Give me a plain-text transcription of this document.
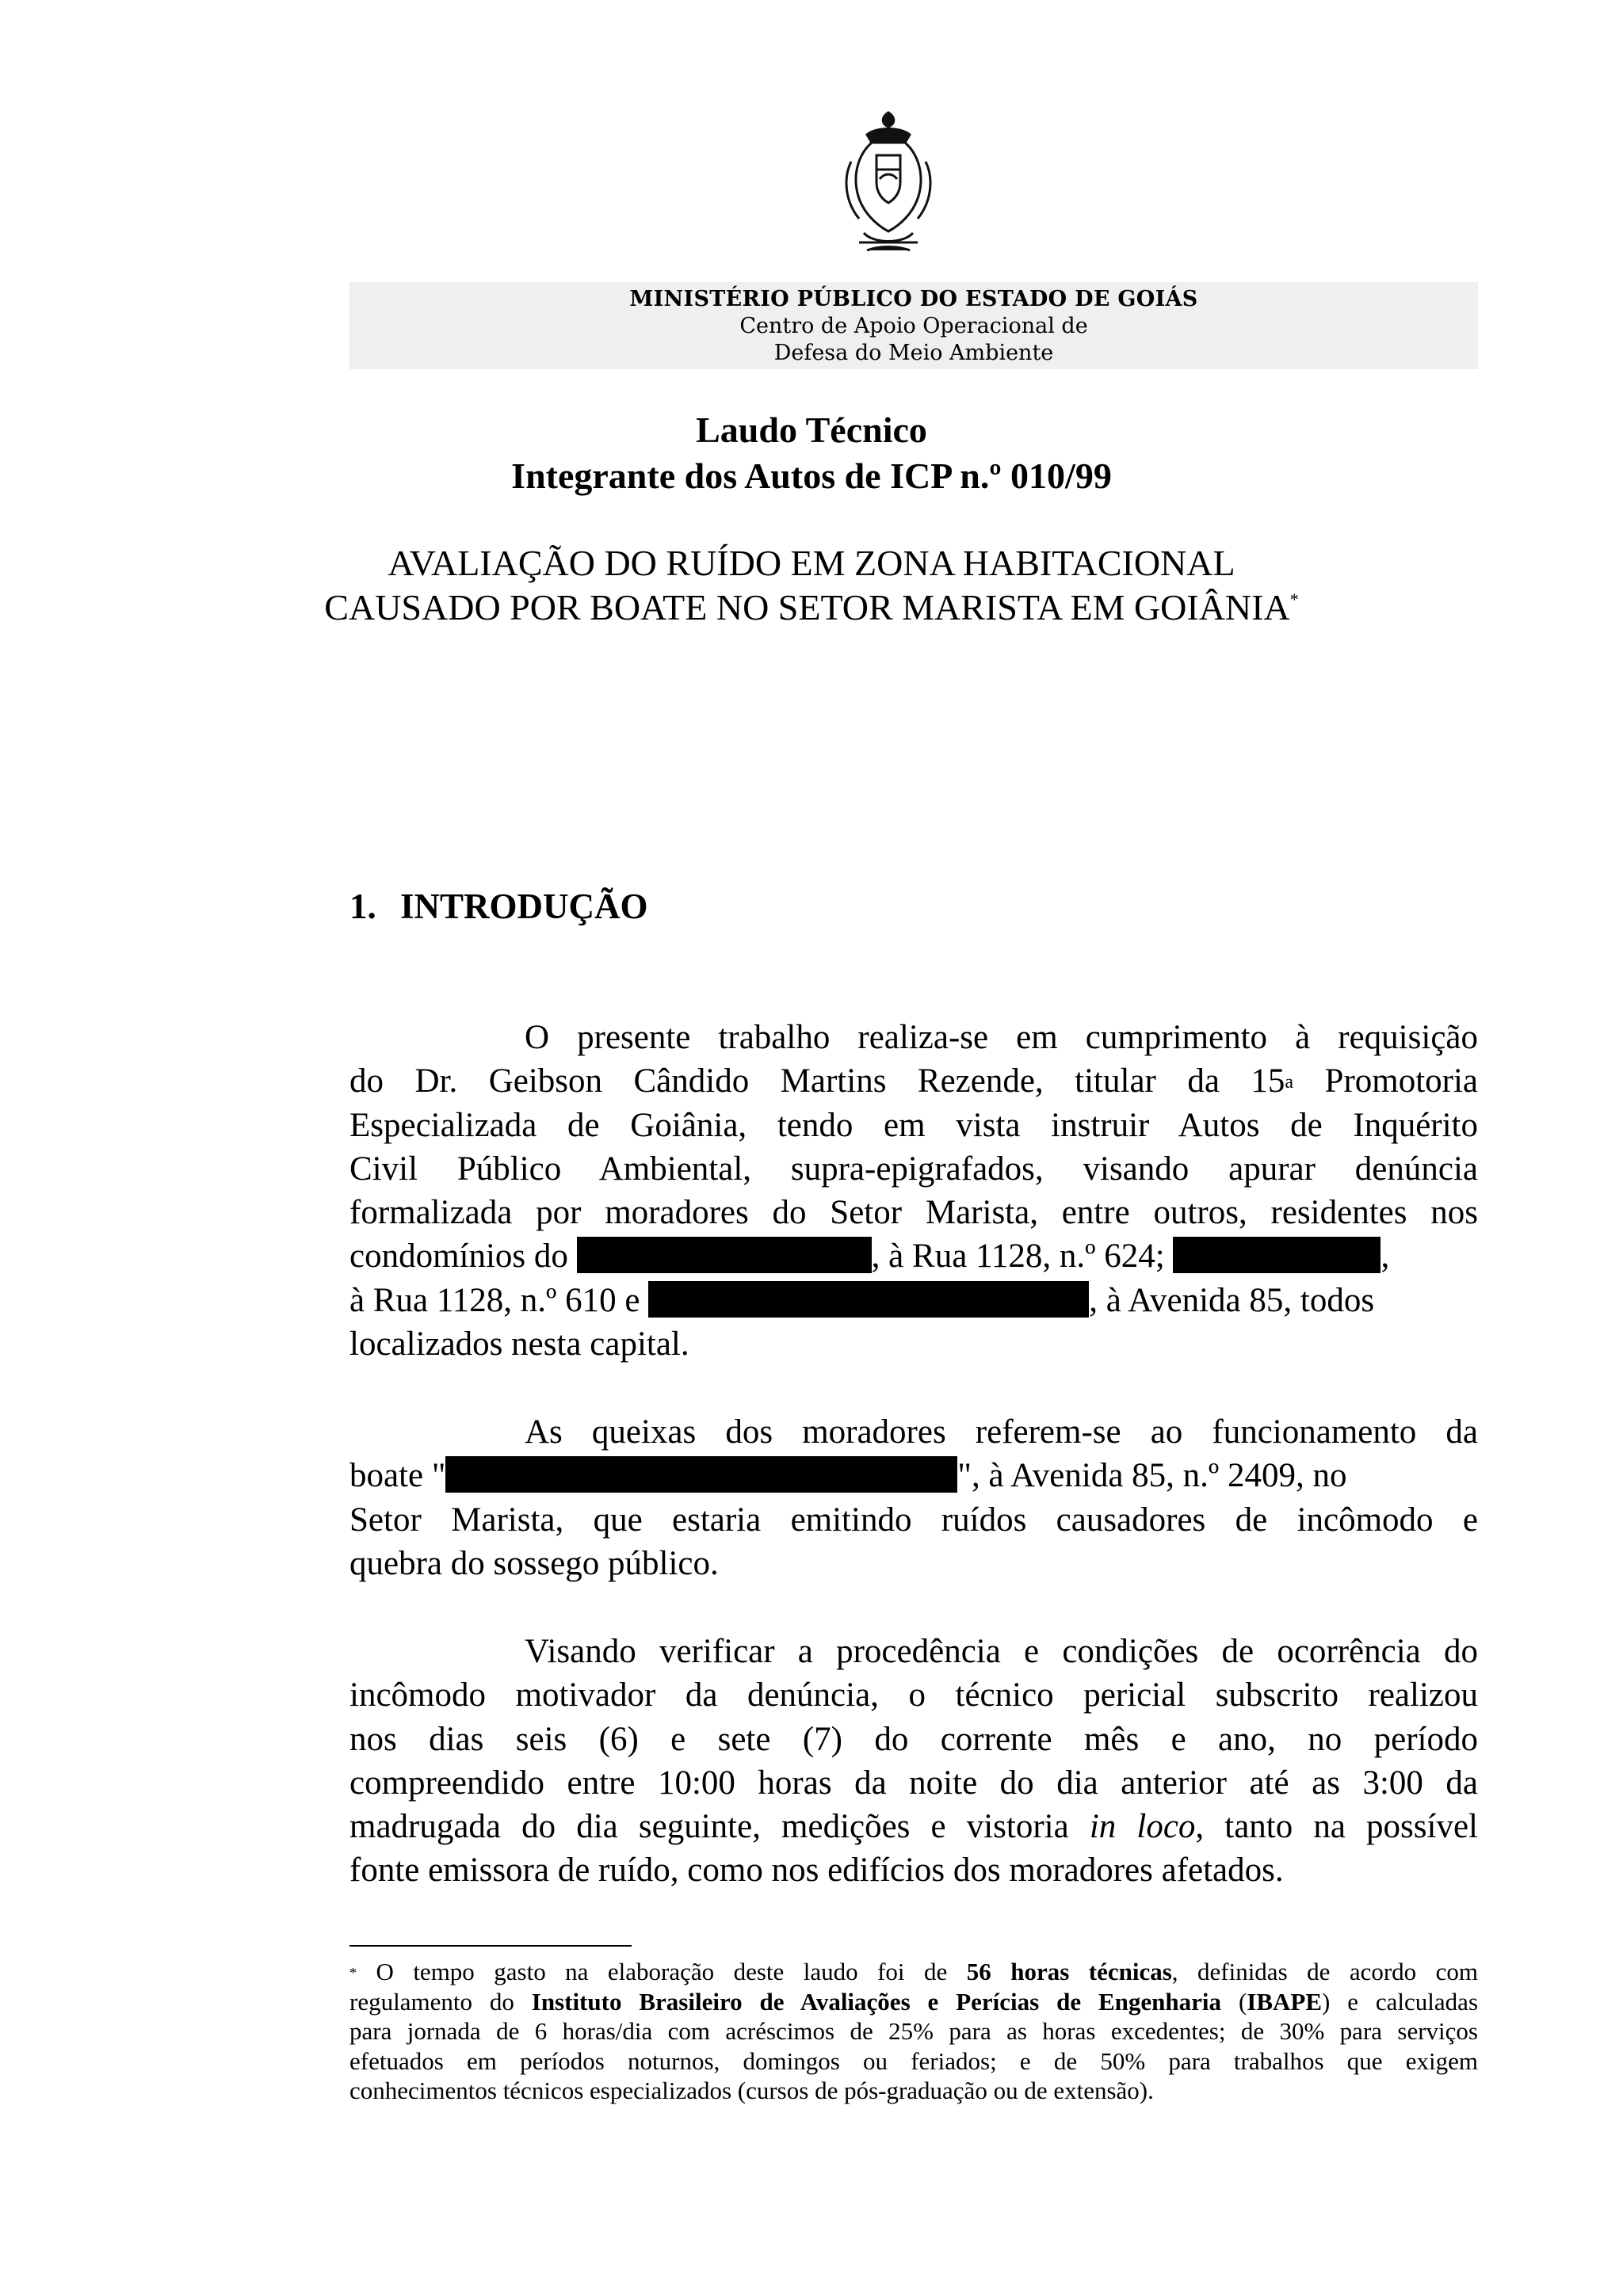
MINISTÉRIO PÚBLICO DO ESTADO DE GOIÁS
Centro de Apoio Operacional de
Defesa do Meio Ambiente
Laudo Técnico
Integrante dos Autos de ICP n.º 010/99
AVALIAÇÃO DO RUÍDO EM ZONA HABITACIONAL
CAUSADO POR BOATE NO SETOR MARISTA EM GOIÂNIA*
1. INTRODUÇÃO
O presente trabalho realiza-se em cumprimento à requisição
do Dr. Geibson Cândido Martins Rezende, titular da 15$^a$ Promotoria
Especializada de Goiânia, tendo em vista instruir Autos de Inquérito
Civil Público Ambiental, supra-epigrafados, visando apurar denúncia
formalizada por moradores do Setor Marista, entre outros, residentes nos
condomínios do	, à Rua 1128, n.º 624;	,
à Rua 1128, n.º 610 e	, à Avenida 85, todos
localizados nesta capital.
As queixas dos moradores referem-se ao funcionamento da
boate "	", à Avenida 85, n.º 2409, no
Setor Marista, que estaria emitindo ruídos causadores de incômodo e
quebra do sossego público.
Visando verificar a procedência e condições de ocorrência do
incômodo motivador da denúncia, o técnico pericial subscrito realizou
nos dias seis (6) e sete (7) do corrente mês e ano, no período
compreendido entre 10:00 horas da noite do dia anterior até as 3:00 da
madrugada do dia seguinte, medições e vistoria in loco, tanto na possível
fonte emissora de ruído, como nos edifícios dos moradores afetados.
* O tempo gasto na elaboração deste laudo foi de 56 horas técnicas, definidas de acordo com
regulamento do Instituto Brasileiro de Avaliações e Perícias de Engenharia (IBAPE) e calculadas
para jornada de 6 horas/dia com acréscimos de 25% para as horas excedentes; de 30% para serviços
efetuados em períodos noturnos, domingos ou feriados; e de 50% para trabalhos que exigem
conhecimentos técnicos especializados (cursos de pós-graduação ou de extensão).
